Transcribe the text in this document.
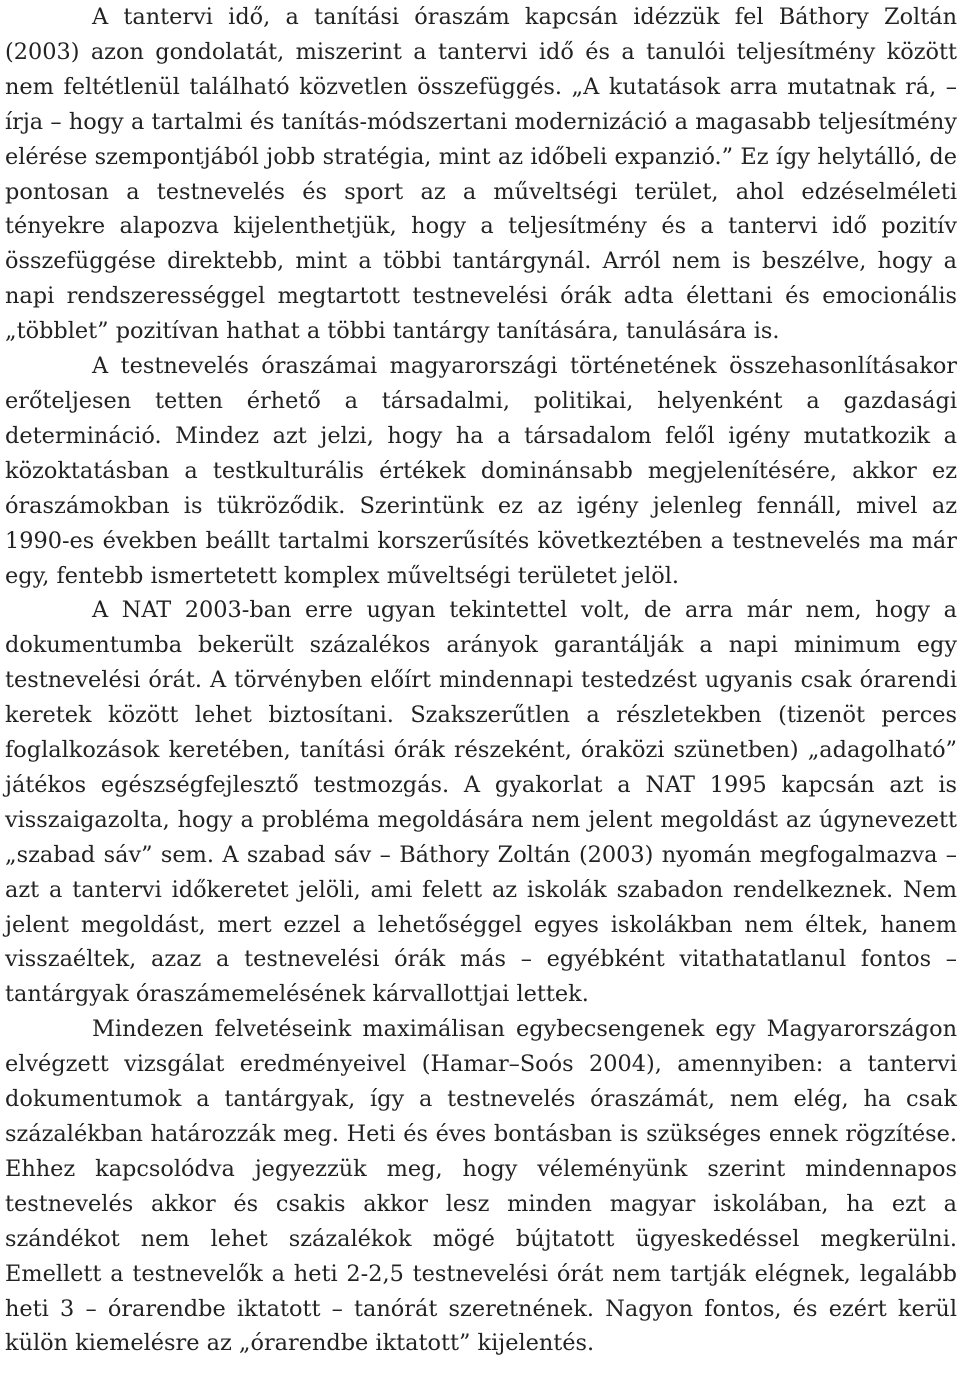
A tantervi idő, a tanítási óraszám kapcsán idézzük fel Báthory Zoltán (2003) azon gondolatát, miszerint a tantervi idő és a tanulói teljesítmény között nem feltétlenül található közvetlen összefüggés. „A kutatások arra mutatnak rá, – írja – hogy a tartalmi és tanítás-módszertani modernizáció a magasabb teljesítmény elérése szempontjából jobb stratégia, mint az időbeli expanzió.” Ez így helytálló, de pontosan a testnevelés és sport az a műveltségi terület, ahol edzéselméleti tényekre alapozva kijelenthetjük, hogy a teljesítmény és a tantervi idő pozitív összefüggése direktebb, mint a többi tantárgynál. Arról nem is beszélve, hogy a napi rendszerességgel megtartott testnevelési órák adta élettani és emocionális „többlet” pozitívan hathat a többi tantárgy tanítására, tanulására is.

A testnevelés óraszámai magyarországi történetének összehasonlításakor erőteljesen tetten érhető a társadalmi, politikai, helyenként a gazdasági determináció. Mindez azt jelzi, hogy ha a társadalom felől igény mutatkozik a közoktatásban a testkulturális értékek dominánsabb megjelenítésére, akkor ez óraszámokban is tükröződik. Szerintünk ez az igény jelenleg fennáll, mivel az 1990-es években beállt tartalmi korszerűsítés következtében a testnevelés ma már egy, fentebb ismertetett komplex műveltségi területet jelöl.

A NAT 2003-ban erre ugyan tekintettel volt, de arra már nem, hogy a dokumentumba bekerült százalékos arányok garantálják a napi minimum egy testnevelési órát. A törvényben előírt mindennapi testedzést ugyanis csak órarendi keretek között lehet biztosítani. Szakszerűtlen a részletekben (tizenöt perces foglalkozások keretében, tanítási órák részeként, óraközi szünetben) „adagolható” játékos egészségfejlesztő testmozgás. A gyakorlat a NAT 1995 kapcsán azt is visszaigazolta, hogy a probléma megoldására nem jelent megoldást az úgynevezett „szabad sáv” sem. A szabad sáv – Báthory Zoltán (2003) nyomán megfogalmazva – azt a tantervi időkeretet jelöli, ami felett az iskolák szabadon rendelkeznek. Nem jelent megoldást, mert ezzel a lehetőséggel egyes iskolákban nem éltek, hanem visszaéltek, azaz a testnevelési órák más – egyébként vitathatatlanul fontos – tantárgyak óraszámemelésének kárvallottjai lettek.

Mindezen felvetéseink maximálisan egybecsengenek egy Magyarországon elvégzett vizsgálat eredményeivel (Hamar–Soós 2004), amennyiben: a tantervi dokumentumok a tantárgyak, így a testnevelés óraszámát, nem elég, ha csak százalékban határozzák meg. Heti és éves bontásban is szükséges ennek rögzítése. Ehhez kapcsolódva jegyezzük meg, hogy véleményünk szerint mindennapos testnevelés akkor és csakis akkor lesz minden magyar iskolában, ha ezt a szándékot nem lehet százalékok mögé bújtatott ügyeskedéssel megkerülni. Emellett a testnevelők a heti 2-2,5 testnevelési órát nem tartják elégnek, legalább heti 3 – órarendbe iktatott – tanórát szeretnének. Nagyon fontos, és ezért kerül külön kiemelésre az „órarendbe iktatott” kijelentés.
